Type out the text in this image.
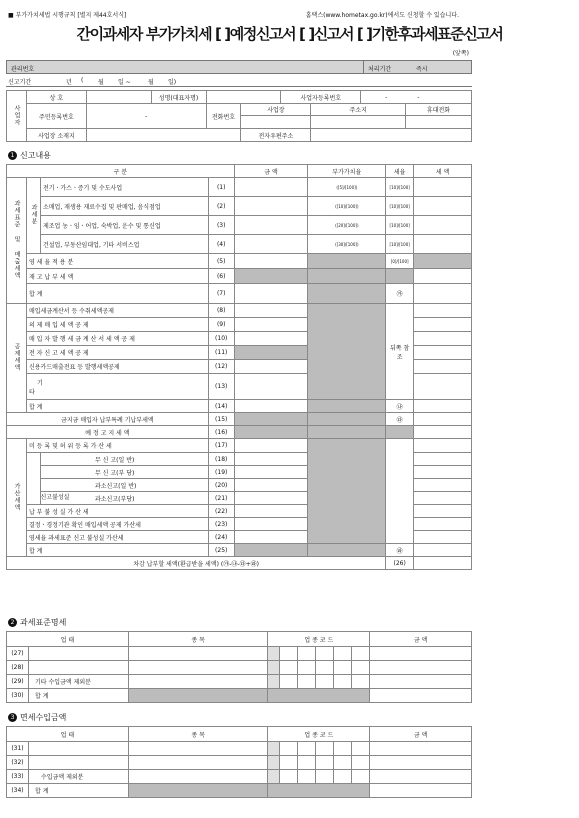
■ 부가가치세법 시행규칙 [별지 제44호서식]	홈택스(www.hometax.go.kr)에서도 신청할 수 있습니다.
간이과세자 부가가치세 [ ]예정신고서 [ ]신고서 [ ]기한후과세표준신고서
(앞쪽)
관리번호	처리기간	즉시
신고기간	년 ( 월 일 ~	월 일)
사업자	상 호		성명(대표자명)			사업자등록번호		- -	
	주민등록번호	-		전화번호	사업장		주소지		휴대전화

	사업장 소재지				전자우편주소				
1 신고내용
구 분				금 액	부가가치율	세율	세 액
과세표준 및 매출세액	과세분	전기ㆍ가스ㆍ증기 및 수도사업	(1)		([5]/[100])	[10]/[100]	
		소매업, 재생용 재료수집 및 판매업, 음식점업	(2)		([10]/[100])	[10]/[100]	
		제조업 농ㆍ임ㆍ어업, 숙박업, 운수 및 통신업	(3)		([20]/[100])	[10]/[100]	
		건설업, 부동산임대업, 기타 서비스업	(4)		([30]/[100])	[10]/[100]	
	영 세 율 적 용 분		(5)			[0]/[100]	
	재 고 납 부 세 액		(6)				
	합 계		(7)			㉮	
공제세액	매입세금계산서 등 수취세액공제		(8)			뒤쪽 참조	

	의 제 매 입 세 액 공 제		(9)				
	매 입 자 발 행 세 금 계 산 서 세 액 공 제		(10)				
	전 자 신 고 세 액 공 제		(11)				
	신용카드매출전표 등 발행세액공제		(12)				
	기
타		(13)				
	합 계		(14)			㉯	
금지금 매입자 납부특례 기납부세액			(15)			㉰	
예 정 고 지 세 액			(16)				
가산세액	미 등 록 및 허 위 등 록 가 산 세		(17)				

		신고불성실
무 신 고(일 반)	(18)				
		무 신 고(부 당)	(19)				
		과소신고(일 반)	(20)				
		과소신고(부당)	(21)				
	납 부 불 성 실 가 산 세		(22)				
	결정ㆍ경정기관 확인 매입세액 공제 가산세		(23)				
	영세율 과세표준 신고 불성실 가산세		(24)				
	합 계		(25)			㉱	
차감 납부할 세액(환급받을 세액) (㉮-㉯-㉰+㉱)						(26)	
2 과세표준명세
업 태		종 목	업 종 코 드						금 액
(27)									
(28)									
(29)	기타 수입금액 제외분								
(30)	합 계								
3 면세수입금액
업 태		종 목	업 종 코 드						금 액
(31)									
(32)									
(33)	수입금액 제외분								
(34)	합 계								
